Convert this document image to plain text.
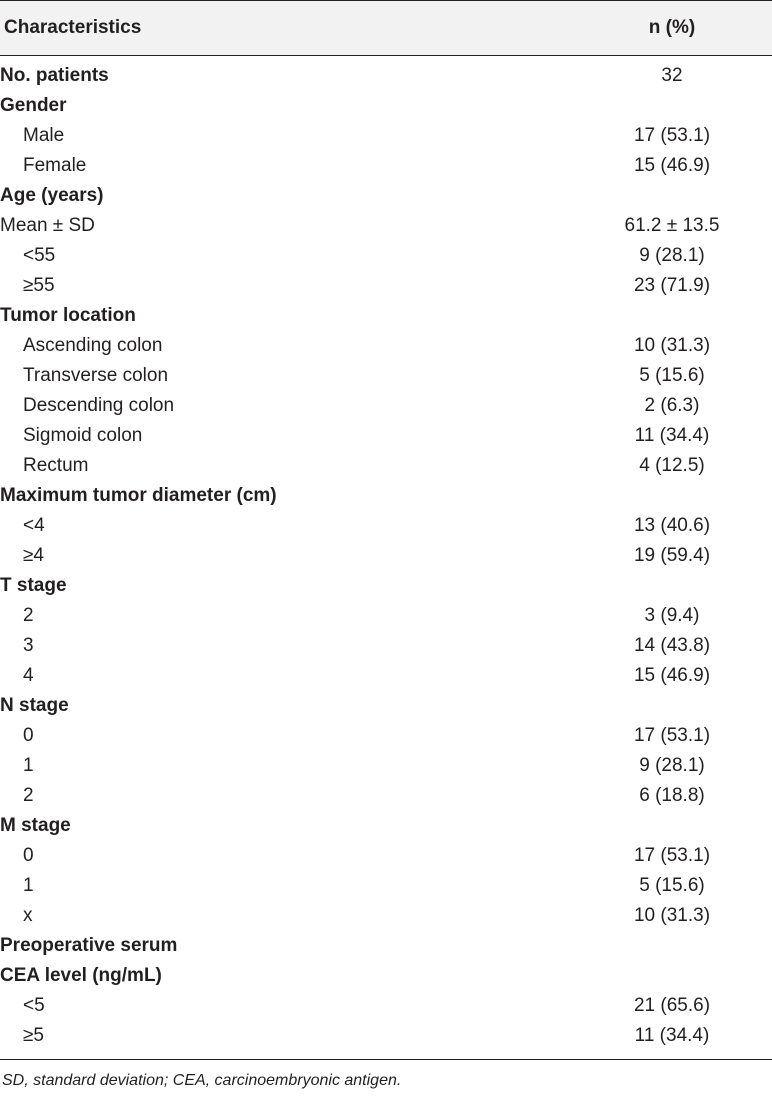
Characteristics	n (%)
No. patients	32
Gender
Male	17 (53.1)
Female	15 (46.9)
Age (years)
Mean ± SD	61.2 ± 13.5
<55	9 (28.1)
≥55	23 (71.9)
Tumor location
Ascending colon	10 (31.3)
Transverse colon	5 (15.6)
Descending colon	2 (6.3)
Sigmoid colon	11 (34.4)
Rectum	4 (12.5)
Maximum tumor diameter (cm)
<4	13 (40.6)
≥4	19 (59.4)
T stage
2	3 (9.4)
3	14 (43.8)
4	15 (46.9)
N stage
0	17 (53.1)
1	9 (28.1)
2	6 (18.8)
M stage
0	17 (53.1)
1	5 (15.6)
x	10 (31.3)
Preoperative serum
CEA level (ng/mL)
<5	21 (65.6)
≥5	11 (34.4)
SD, standard deviation; CEA, carcinoembryonic antigen.
